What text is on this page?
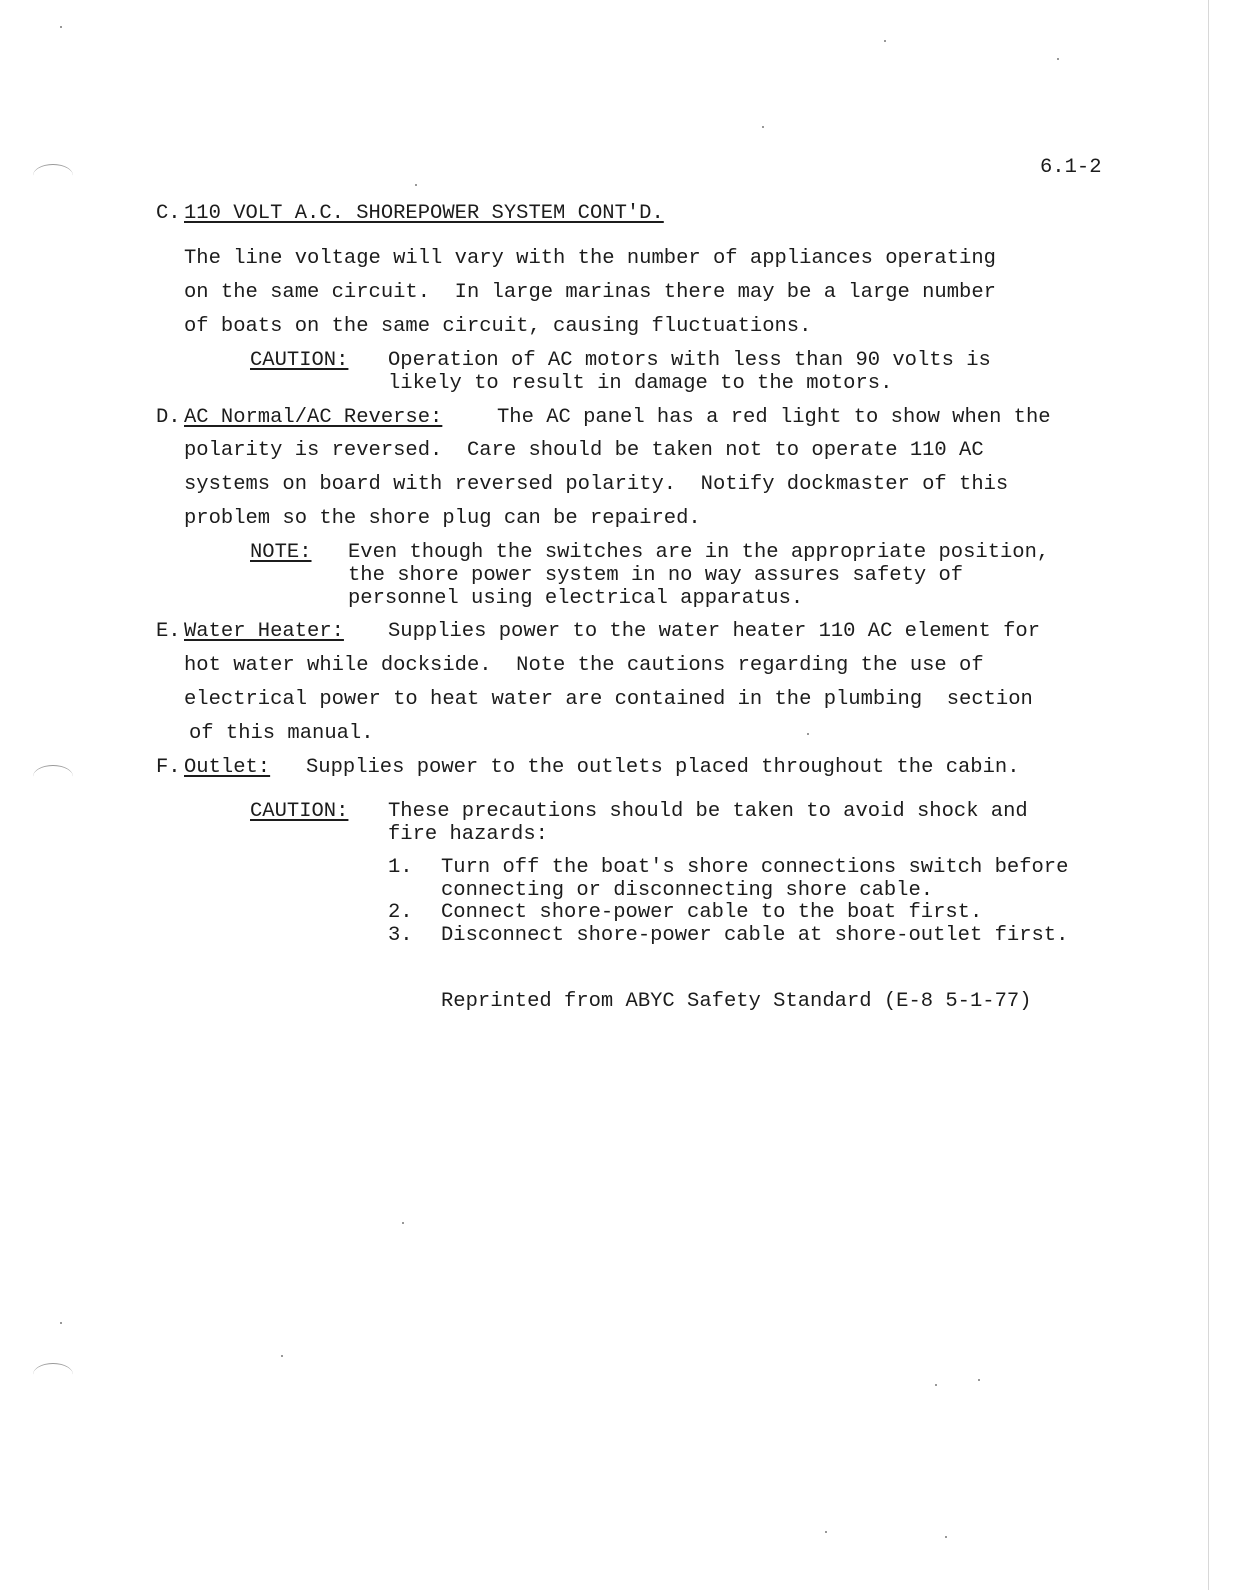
6.1-2
C. 110 VOLT A.C. SHOREPOWER SYSTEM CONT'D.
The line voltage will vary with the number of appliances operating
on the same circuit.  In large marinas there may be a large number
of boats on the same circuit, causing fluctuations.
CAUTION: Operation of AC motors with less than 90 volts is
likely to result in damage to the motors.
D. AC Normal/AC Reverse:	The AC panel has a red light to show when the
polarity is reversed.  Care should be taken not to operate 110 AC
systems on board with reversed polarity.  Notify dockmaster of this
problem so the shore plug can be repaired.
NOTE: Even though the switches are in the appropriate position,
the shore power system in no way assures safety of
personnel using electrical apparatus.
E. Water Heater: Supplies power to the water heater 110 AC element for
hot water while dockside.  Note the cautions regarding the use of
electrical power to heat water are contained in the plumbing  section
of this manual.
F. Outlet: Supplies power to the outlets placed throughout the cabin.
CAUTION: These precautions should be taken to avoid shock and
fire hazards:
1. Turn off the boat's shore connections switch before
connecting or disconnecting shore cable.
2. Connect shore-power cable to the boat first.
3. Disconnect shore-power cable at shore-outlet first.
Reprinted from ABYC Safety Standard (E-8 5-1-77)
